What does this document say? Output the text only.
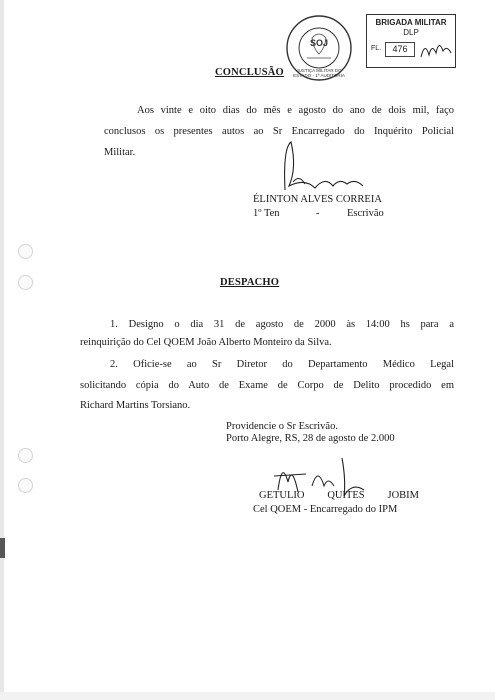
SOJ
JUSTIÇA MILITAR DO ESTADO · 1ª AUDITORIA
BRIGADA MILITAR
DLP
FL.	476
CONCLUSÃO
Aos vinte e oito dias do mês e agosto do ano de dois mil, faço
conclusos os presentes autos ao Sr Encarregado do Inquérito Policial
Militar.
ÉLINTON ALVES CORREIA
1º Ten	-	Escrivão
DESPACHO
1. Designo o dia 31 de agosto de 2000 às 14:00 hs para a
reinquirição do Cel QOEM João Alberto Monteiro da Silva.
2. Oficie-se ao Sr Diretor do Departamento Médico Legal
solicitando cópia do Auto de Exame de Corpo de Delito procedido em
Richard Martins Torsiano.
Providencie o Sr Escrivão.
Porto Alegre, RS, 28 de agosto de 2.000
GETULIO QUITES JOBIM
Cel QOEM - Encarregado do IPM
